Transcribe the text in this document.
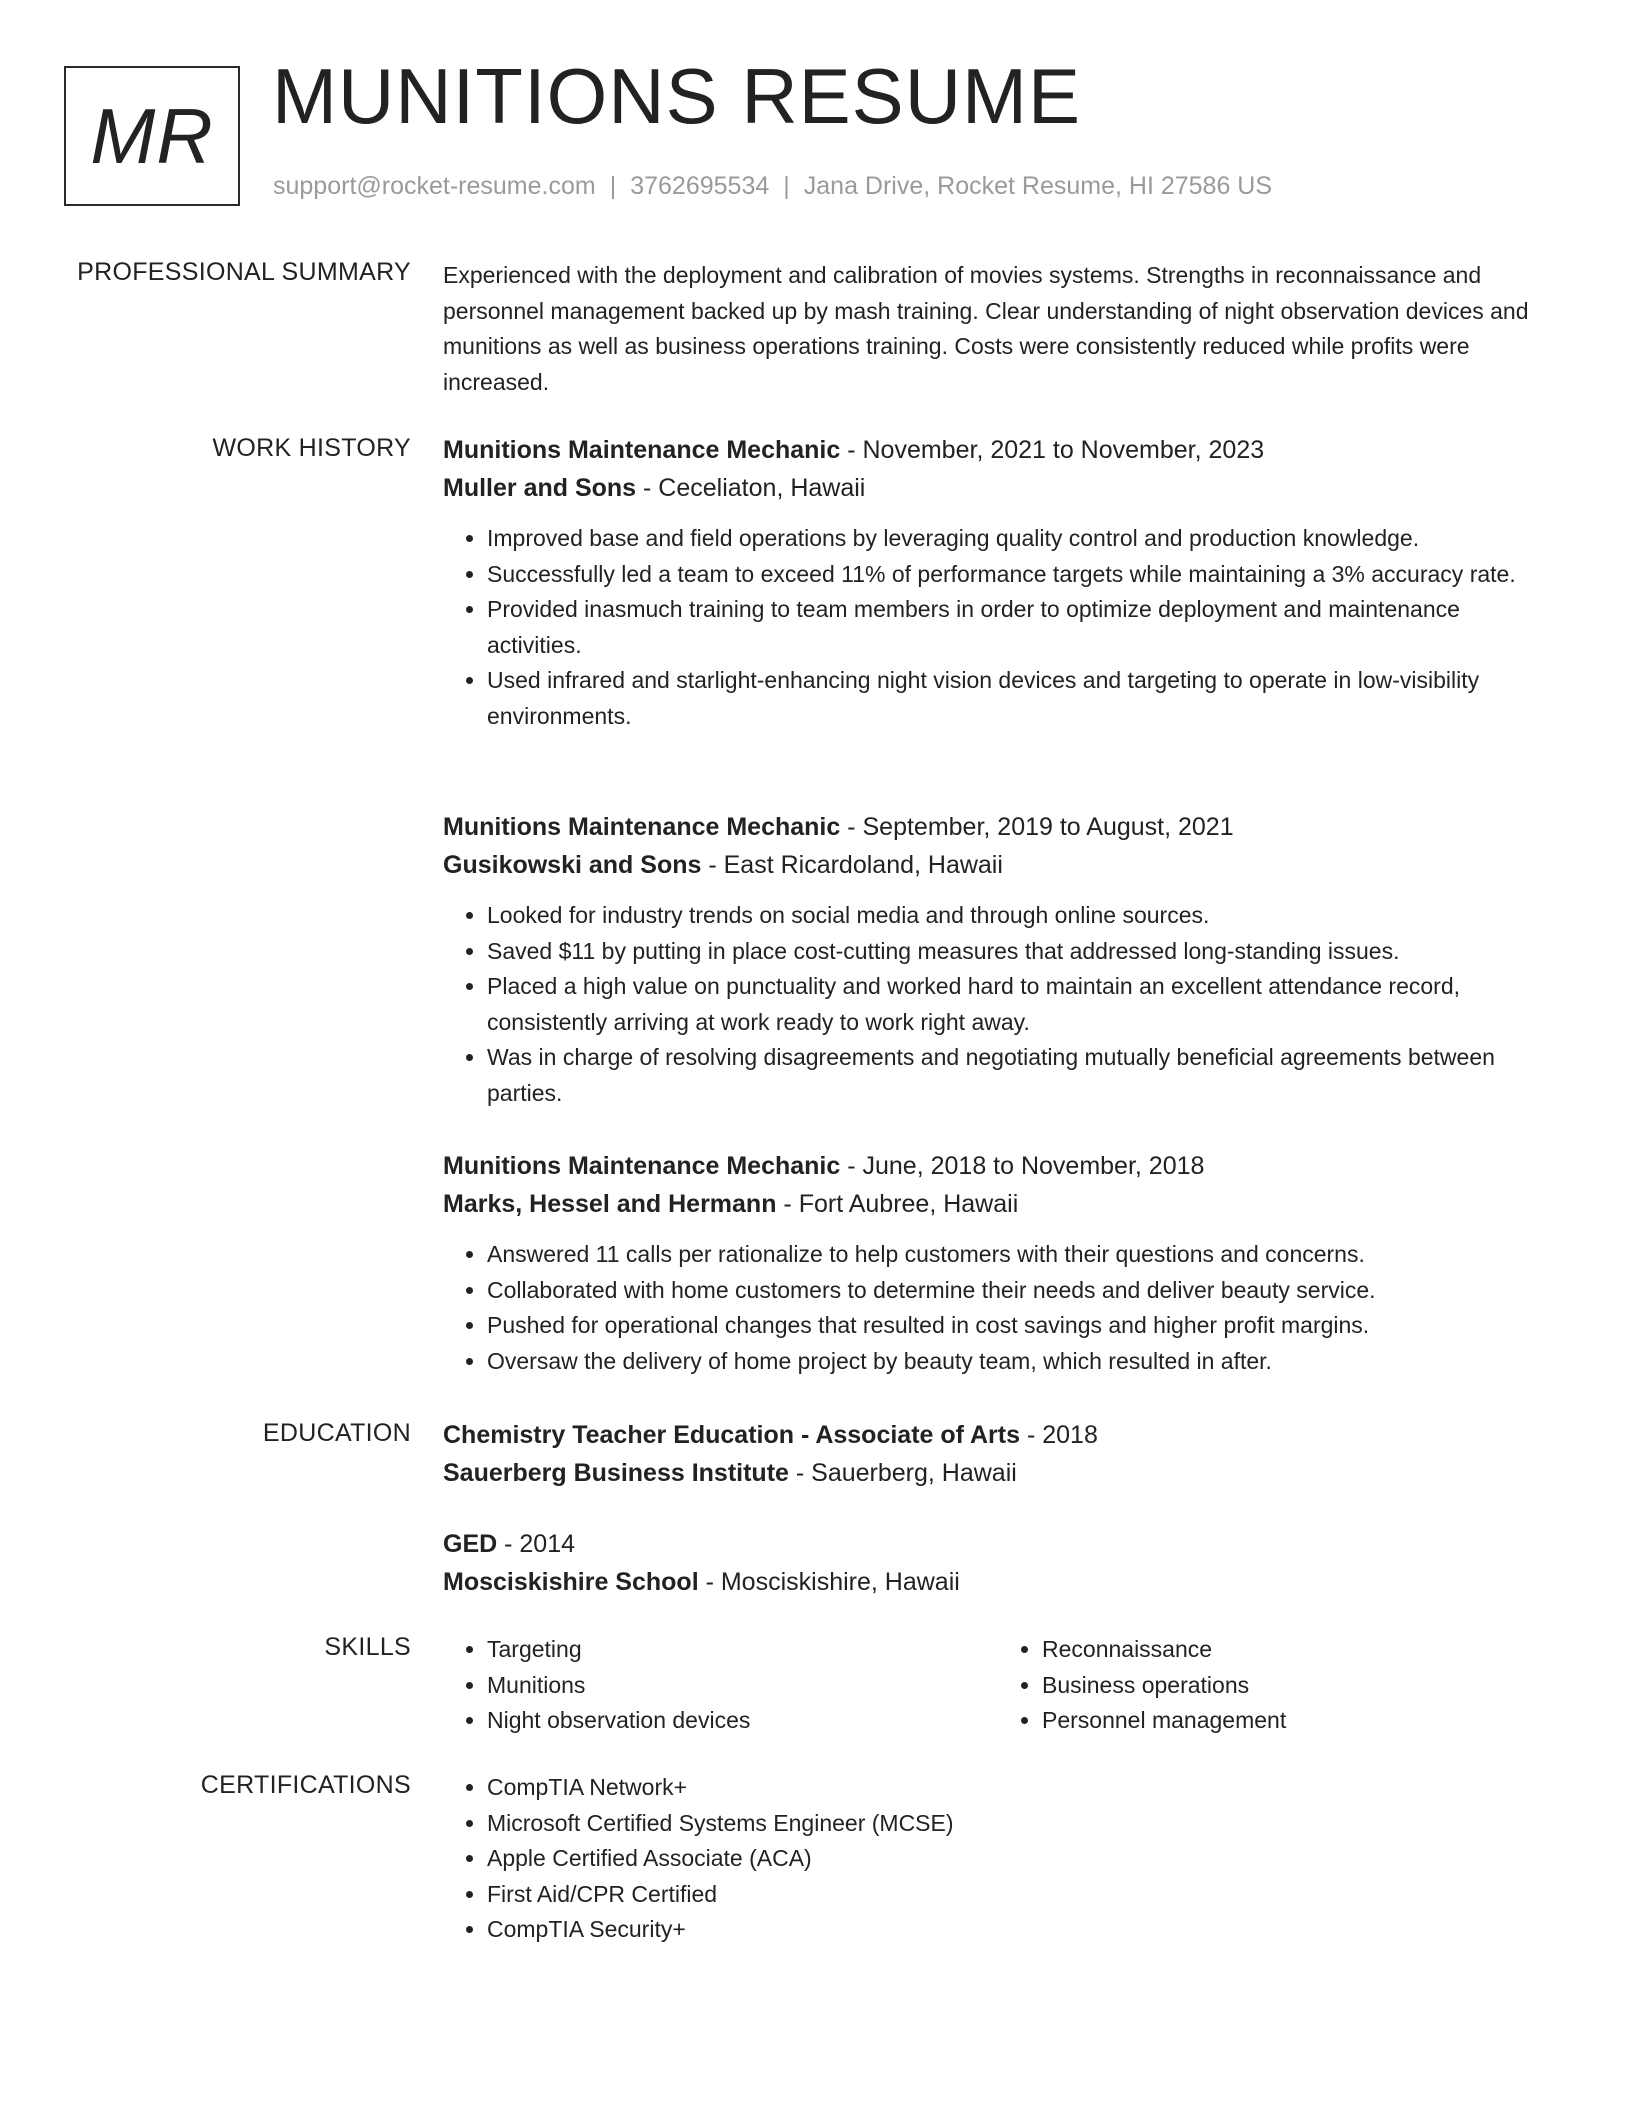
MR MUNITIONS RESUME
support@rocket-resume.com | 3762695534 | Jana Drive, Rocket Resume, HI 27586 US
PROFESSIONAL SUMMARY Experienced with the deployment and calibration of movies systems. Strengths in reconnaissance and personnel management backed up by mash training. Clear understanding of night observation devices and munitions as well as business operations training. Costs were consistently reduced while profits were increased.

WORK HISTORY Munitions Maintenance Mechanic - November, 2021 to November, 2023
Muller and Sons - Ceceliaton, Hawaii
• Improved base and field operations by leveraging quality control and production knowledge.
• Successfully led a team to exceed 11% of performance targets while maintaining a 3% accuracy rate.
• Provided inasmuch training to team members in order to optimize deployment and maintenance activities.
• Used infrared and starlight-enhancing night vision devices and targeting to operate in low-visibility environments.
Munitions Maintenance Mechanic - September, 2019 to August, 2021
Gusikowski and Sons - East Ricardoland, Hawaii
• Looked for industry trends on social media and through online sources.
• Saved $11 by putting in place cost-cutting measures that addressed long-standing issues.
• Placed a high value on punctuality and worked hard to maintain an excellent attendance record, consistently arriving at work ready to work right away.
• Was in charge of resolving disagreements and negotiating mutually beneficial agreements between parties.
Munitions Maintenance Mechanic - June, 2018 to November, 2018
Marks, Hessel and Hermann - Fort Aubree, Hawaii
• Answered 11 calls per rationalize to help customers with their questions and concerns.
• Collaborated with home customers to determine their needs and deliver beauty service.
• Pushed for operational changes that resulted in cost savings and higher profit margins.
• Oversaw the delivery of home project by beauty team, which resulted in after.
EDUCATION Chemistry Teacher Education - Associate of Arts - 2018
Sauerberg Business Institute - Sauerberg, Hawaii
GED - 2014
Mosciskishire School - Mosciskishire, Hawaii
SKILLS	• Targeting
• Munitions
• Night observation devices
• Reconnaissance
• Business operations
• Personnel management
CERTIFICATIONS	• CompTIA Network+
• Microsoft Certified Systems Engineer (MCSE)
• Apple Certified Associate (ACA)
• First Aid/CPR Certified
• CompTIA Security+
